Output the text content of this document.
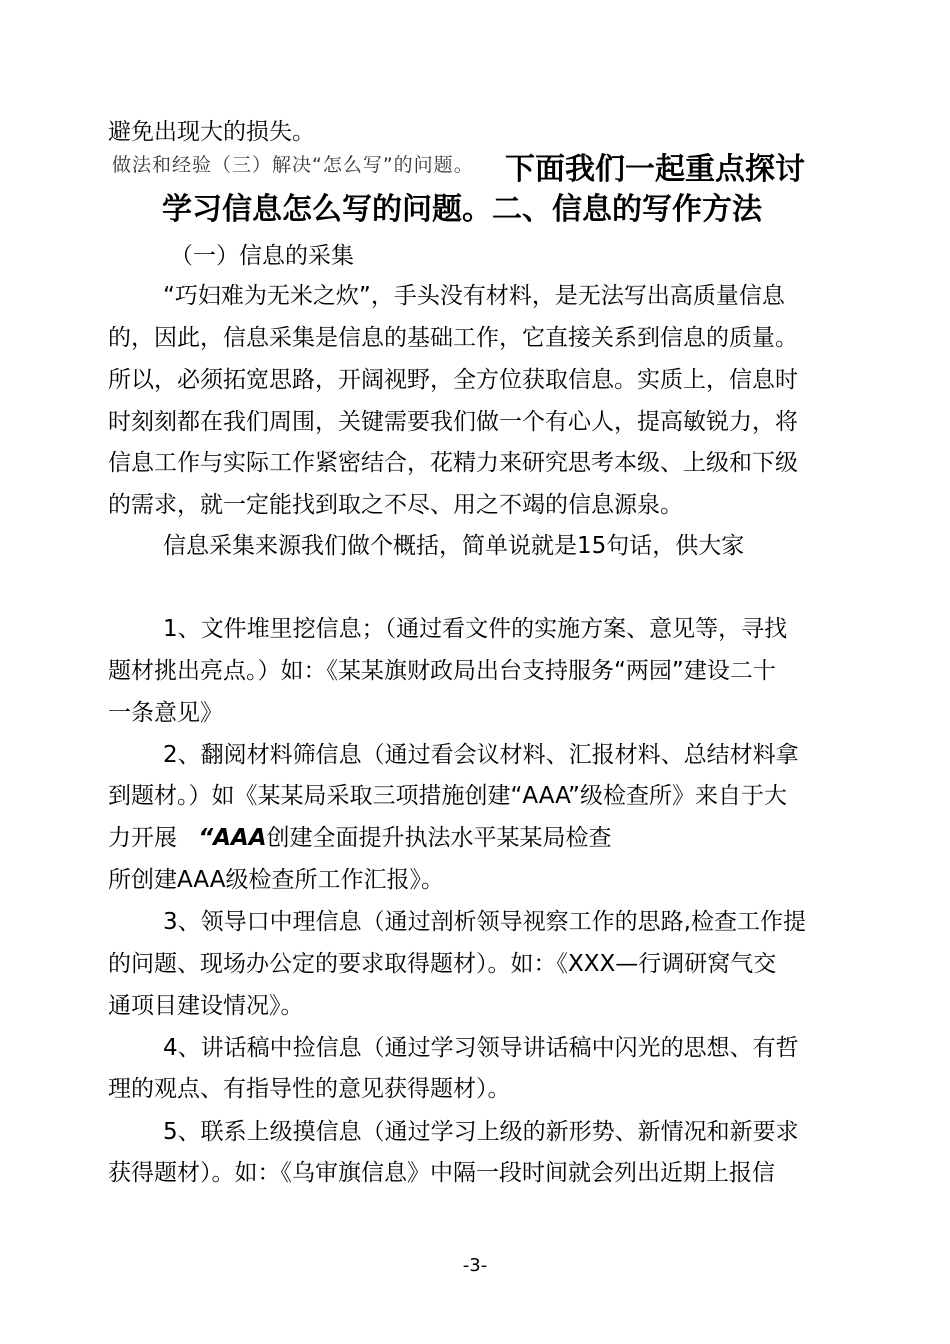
避免出现大的损失。
做法和经验（三）解决“怎么写”的问题。 下面我们一起重点探讨
学习信息怎么写的问题。二、信息的写作方法
（一）信息的采集
“巧妇难为无米之炊”，手头没有材料，是无法写出高质量信息
的，因此，信息采集是信息的基础工作，它直接关系到信息的质量。
所以，必须拓宽思路，开阔视野，全方位获取信息。实质上，信息时
时刻刻都在我们周围，关键需要我们做一个有心人，提高敏锐力，将
信息工作与实际工作紧密结合，花精力来研究思考本级、上级和下级
的需求，就一定能找到取之不尽、用之不竭的信息源泉。
信息采集来源我们做个概括，简单说就是15句话，供大家
1、文件堆里挖信息；（通过看文件的实施方案、意见等，寻找
题材挑出亮点。）如：《某某旗财政局出台支持服务“两园”建设二十
一条意见》
2、翻阅材料筛信息（通过看会议材料、汇报材料、总结材料拿
到题材。）如《某某局采取三项措施创建“AAA”级检查所》来自于大
力开展 “AAA创建全面提升执法水平某某局检查
所创建AAA级检查所工作汇报》。
3、领导口中理信息（通过剖析领导视察工作的思路,检查工作提
的问题、现场办公定的要求取得题材）。如：《XXX—行调研窝气交
通项目建设情况》。
4、讲话稿中捡信息（通过学习领导讲话稿中闪光的思想、有哲
理的观点、有指导性的意见获得题材）。
5、联系上级摸信息（通过学习上级的新形势、新情况和新要求
获得题材）。如：《乌审旗信息》中隔一段时间就会列出近期上报信
-3-
